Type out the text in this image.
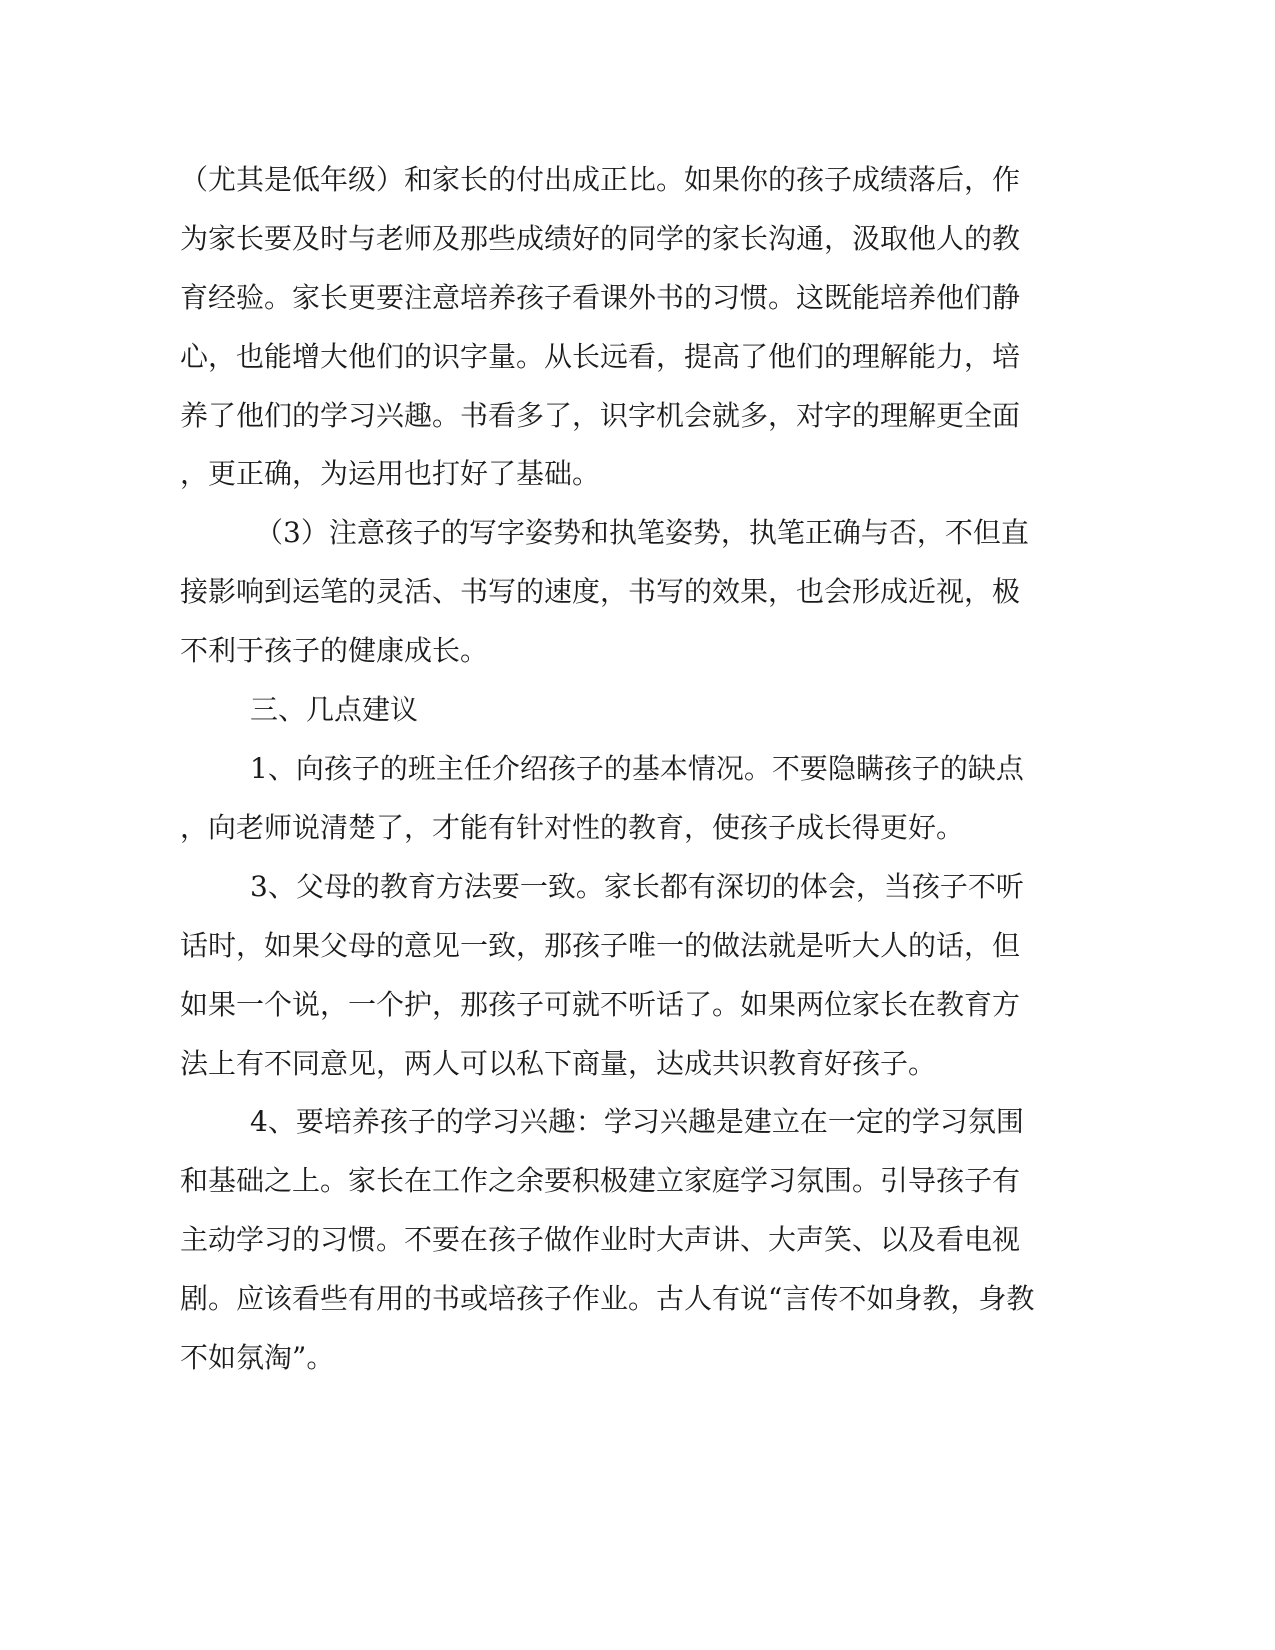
（尤其是低年级）和家长的付出成正比。如果你的孩子成绩落后，作
为家长要及时与老师及那些成绩好的同学的家长沟通，汲取他人的教
育经验。家长更要注意培养孩子看课外书的习惯。这既能培养他们静
心，也能增大他们的识字量。从长远看，提高了他们的理解能力，培
养了他们的学习兴趣。书看多了，识字机会就多，对字的理解更全面
，更正确，为运用也打好了基础。
（3）注意孩子的写字姿势和执笔姿势，执笔正确与否，不但直
接影响到运笔的灵活、书写的速度，书写的效果，也会形成近视，极
不利于孩子的健康成长。
三、几点建议
1、向孩子的班主任介绍孩子的基本情况。不要隐瞒孩子的缺点
，向老师说清楚了，才能有针对性的教育，使孩子成长得更好。
3、父母的教育方法要一致。家长都有深切的体会，当孩子不听
话时，如果父母的意见一致，那孩子唯一的做法就是听大人的话，但
如果一个说，一个护，那孩子可就不听话了。如果两位家长在教育方
法上有不同意见，两人可以私下商量，达成共识教育好孩子。
4、要培养孩子的学习兴趣：学习兴趣是建立在一定的学习氛围
和基础之上。家长在工作之余要积极建立家庭学习氛围。引导孩子有
主动学习的习惯。不要在孩子做作业时大声讲、大声笑、以及看电视
剧。应该看些有用的书或培孩子作业。古人有说“言传不如身教，身教
不如氛淘”。
